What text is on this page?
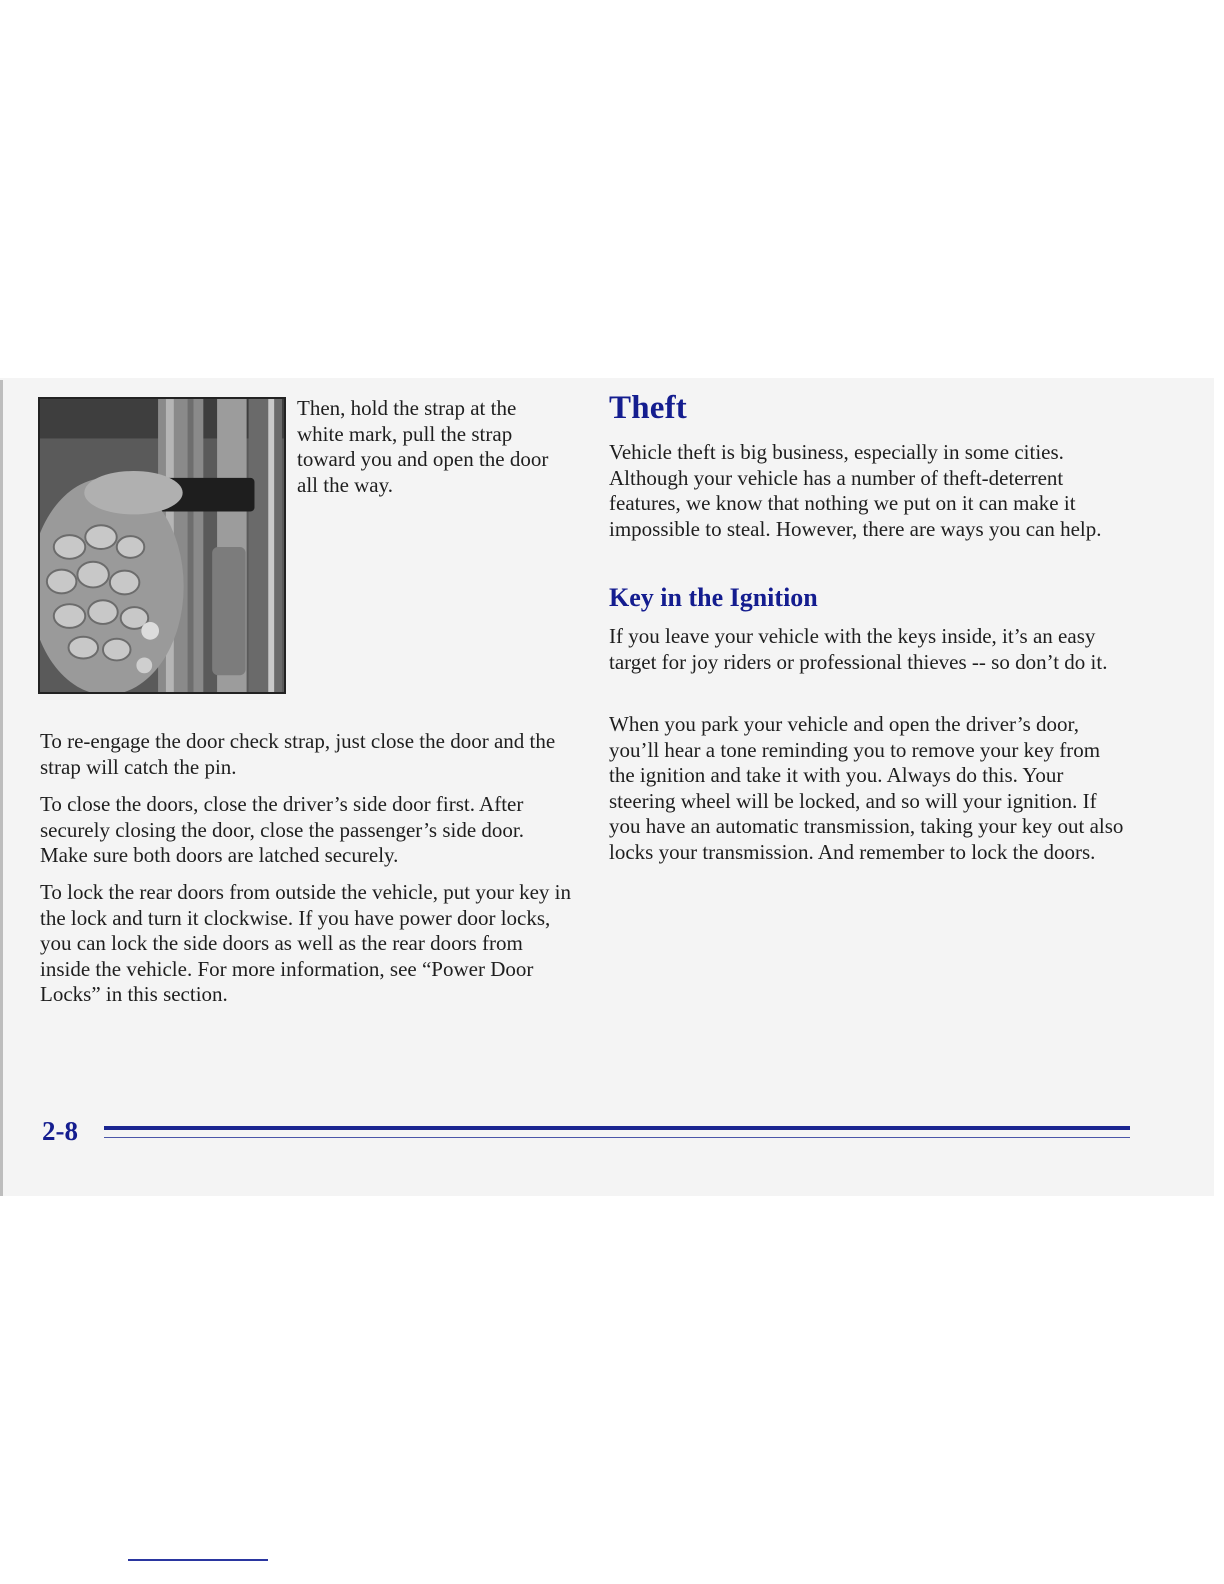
Then, hold the strap at the white mark, pull the strap toward you and open the door all the way.

To re-engage the door check strap, just close the door and the strap will catch the pin.

To close the doors, close the driver’s side door first. After securely closing the door, close the passenger’s side door. Make sure both doors are latched securely.

To lock the rear doors from outside the vehicle, put your key in the lock and turn it clockwise. If you have power door locks, you can lock the side doors as well as the rear doors from inside the vehicle. For more information, see “Power Door Locks” in this section.

Theft

Vehicle theft is big business, especially in some cities. Although your vehicle has a number of theft-deterrent features, we know that nothing we put on it can make it impossible to steal. However, there are ways you can help.

Key in the Ignition

If you leave your vehicle with the keys inside, it’s an easy target for joy riders or professional thieves -- so don’t do it.

When you park your vehicle and open the driver’s door, you’ll hear a tone reminding you to remove your key from the ignition and take it with you. Always do this. Your steering wheel will be locked, and so will your ignition. If you have an automatic transmission, taking your key out also locks your transmission. And remember to lock the doors.

2-8
